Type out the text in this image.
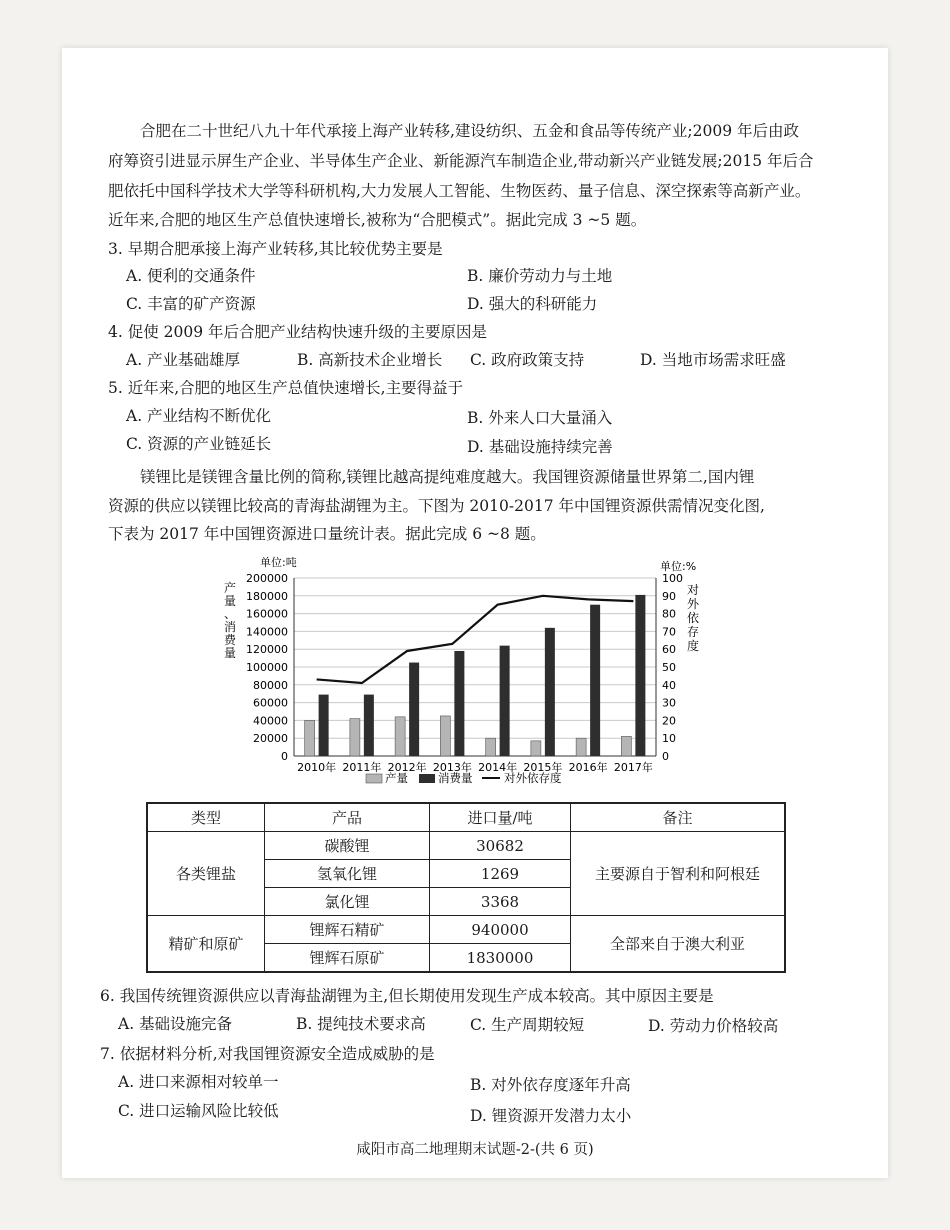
合肥在二十世纪八九十年代承接上海产业转移,建设纺织、五金和食品等传统产业;2009 年后由政
府筹资引进显示屏生产企业、半导体生产企业、新能源汽车制造企业,带动新兴产业链发展;2015 年后合
肥依托中国科学技术大学等科研机构,大力发展人工智能、生物医药、量子信息、深空探索等高新产业。
近年来,合肥的地区生产总值快速增长,被称为“合肥模式”。据此完成 3 ~5 题。
3. 早期合肥承接上海产业转移,其比较优势主要是
A. 便利的交通条件	B. 廉价劳动力与土地
C. 丰富的矿产资源	D. 强大的科研能力
4. 促使 2009 年后合肥产业结构快速升级的主要原因是
A. 产业基础雄厚	B. 高新技术企业增长 C. 政府政策支持	D. 当地市场需求旺盛
5. 近年来,合肥的地区生产总值快速增长,主要得益于
A. 产业结构不断优化	B. 外来人口大量涌入
C. 资源的产业链延长	D. 基础设施持续完善
镁锂比是镁锂含量比例的简称,镁锂比越高提纯难度越大。我国锂资源储量世界第二,国内锂
资源的供应以镁锂比较高的青海盐湖锂为主。下图为 2010-2017 年中国锂资源供需情况变化图,
下表为 2017 年中国锂资源进口量统计表。据此完成 6 ~8 题。
单位:吨	单位:%
产
量
、
消
费
量
对
外
依
存
度
0
20000
40000
60000
80000
100000
120000
140000
160000
180000
200000
0
10
20
30
40
50
60
70
80
90
100
2010年 2011年 2012年 2013年 2014年 2015年 2016年 2017年
产量	消费量	对外依存度
类型	产品	进口量/吨	备注
各类锂盐	碳酸锂	30682	主要源自于智利和阿根廷
	氢氧化锂	1269	
	氯化锂	3368	
精矿和原矿	锂辉石精矿	940000	全部来自于澳大利亚
	锂辉石原矿	1830000	
6. 我国传统锂资源供应以青海盐湖锂为主,但长期使用发现生产成本较高。其中原因主要是
A. 基础设施完备	B. 提纯技术要求高	C. 生产周期较短	D. 劳动力价格较高
7. 依据材料分析,对我国锂资源安全造成威胁的是
A. 进口来源相对较单一	B. 对外依存度逐年升高
C. 进口运输风险比较低	D. 锂资源开发潜力太小
咸阳市高二地理期末试题-2-(共 6 页)
